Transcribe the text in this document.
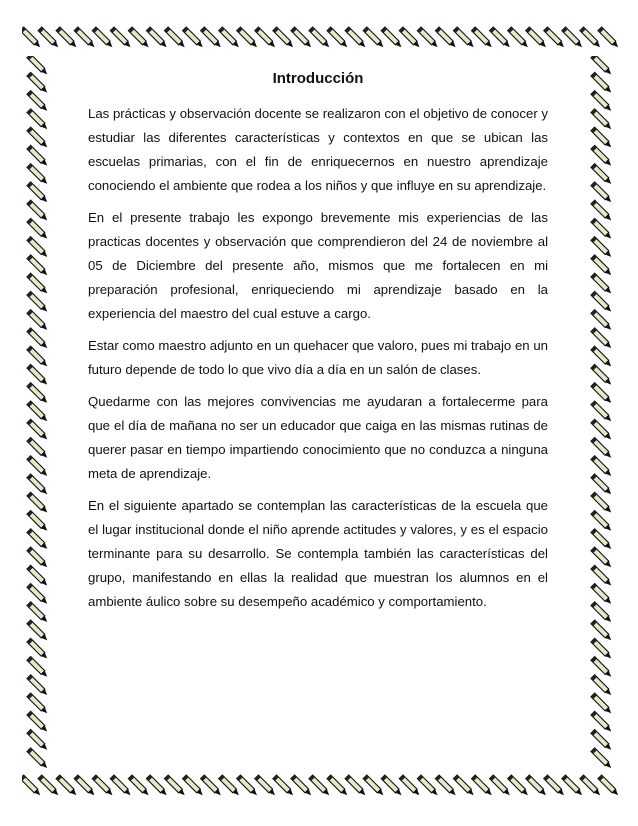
Introducción

Las prácticas y observación docente se realizaron con el objetivo de conocer y estudiar las diferentes características y contextos en que se ubican las escuelas primarias, con el fin de enriquecernos en nuestro aprendizaje conociendo el ambiente que rodea a los niños y que influye en su aprendizaje.

En el presente trabajo les expongo brevemente mis experiencias de las practicas docentes y observación que comprendieron del 24 de noviembre al 05 de Diciembre del presente año, mismos que me fortalecen en mi preparación profesional, enriqueciendo mi aprendizaje basado en la experiencia del maestro del cual estuve a cargo.

Estar como maestro adjunto en un quehacer que valoro, pues mi trabajo en un futuro depende de todo lo que vivo día a día en un salón de clases.

Quedarme con las mejores convivencias me ayudaran a fortalecerme para que el día de mañana no ser un educador que caiga en las mismas rutinas de querer pasar en tiempo impartiendo conocimiento que no conduzca a ninguna meta de aprendizaje.

En el siguiente apartado se contemplan las características de la escuela que el lugar institucional donde el niño aprende actitudes y valores, y es el espacio terminante para su desarrollo. Se contempla también las características del grupo, manifestando en ellas la realidad que muestran los alumnos en el ambiente áulico sobre su desempeño académico y comportamiento.
